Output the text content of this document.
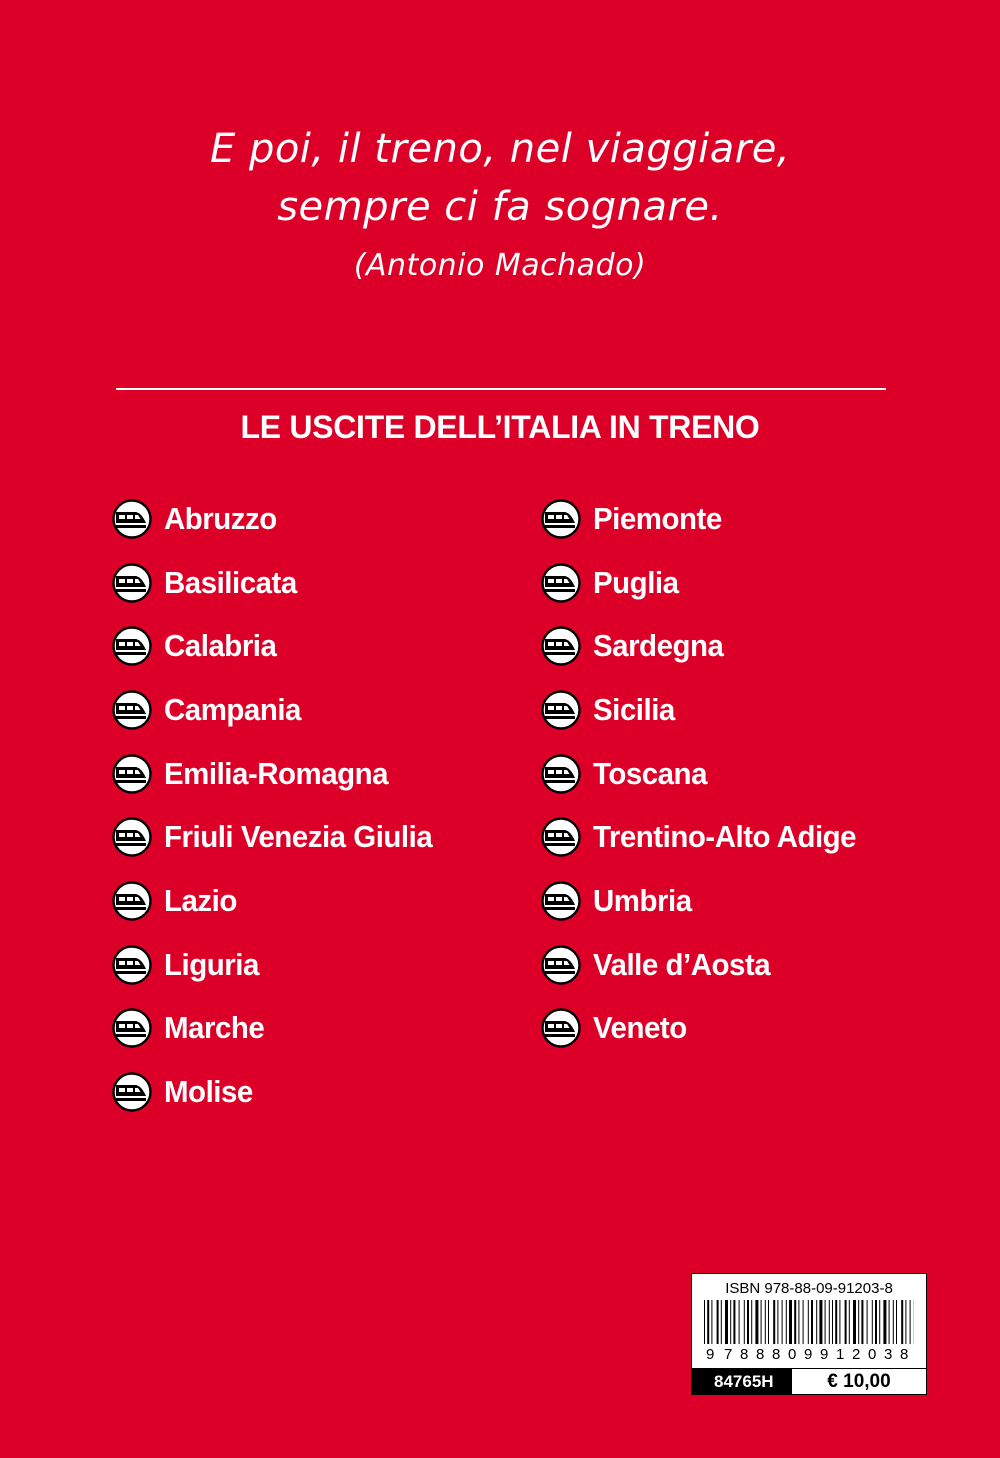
E poi, il treno, nel viaggiare,
sempre ci fa sognare.
(Antonio Machado)
LE USCITE DELL’ITALIA IN TRENO
Abruzzo
Basilicata
Calabria
Campania
Emilia-Romagna
Friuli Venezia Giulia
Lazio
Liguria
Marche
Molise
Piemonte
Puglia
Sardegna
Sicilia
Toscana
Trentino-Alto Adige
Umbria
Valle d’Aosta
Veneto
ISBN 978-88-09-91203-8
9 7 8 8 8 0 9 9 1 2 0 3 8
84765H	€ 10,00
